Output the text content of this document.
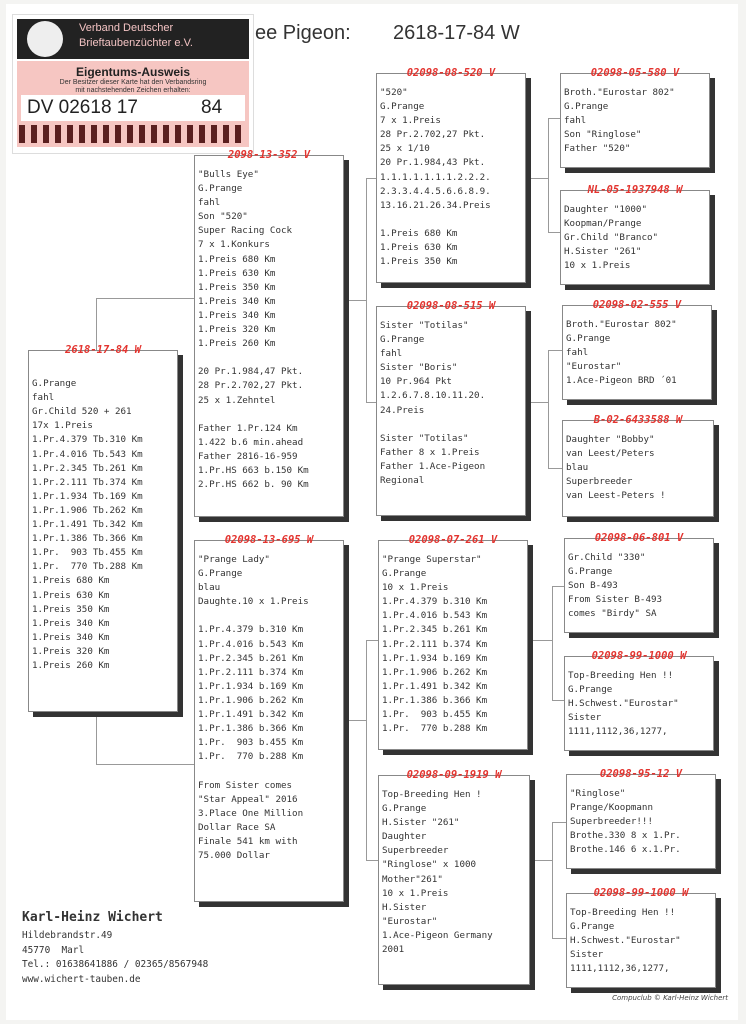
ee Pigeon: 2618-17-84 W
Verband Deutscher
Brieftaubenzüchter e.V.
Eigentums-Ausweis
Der Besitzer dieser Karte hat den Verbandsring
mit nachstehenden Zeichen erhalten:
DV 02618 17	84
2618-17-84 W
G.Prange
fahl
Gr.Child 520 + 261
17x 1.Preis
1.Pr.4.379 Tb.310 Km
1.Pr.4.016 Tb.543 Km
1.Pr.2.345 Tb.261 Km
1.Pr.2.111 Tb.374 Km
1.Pr.1.934 Tb.169 Km
1.Pr.1.906 Tb.262 Km
1.Pr.1.491 Tb.342 Km
1.Pr.1.386 Tb.366 Km
1.Pr.  903 Tb.455 Km
1.Pr.  770 Tb.288 Km
1.Preis 680 Km
1.Preis 630 Km
1.Preis 350 Km
1.Preis 340 Km
1.Preis 340 Km
1.Preis 320 Km
1.Preis 260 Km
2098-13-352 V
"Bulls Eye"
G.Prange
fahl
Son "520"
Super Racing Cock
7 x 1.Konkurs
1.Preis 680 Km
1.Preis 630 Km
1.Preis 350 Km
1.Preis 340 Km
1.Preis 340 Km
1.Preis 320 Km
1.Preis 260 Km
20 Pr.1.984,47 Pkt.
28 Pr.2.702,27 Pkt.
25 x 1.Zehntel
Father 1.Pr.124 Km
1.422 b.6 min.ahead
Father 2816-16-959
1.Pr.HS 663 b.150 Km
2.Pr.HS 662 b. 90 Km
02098-13-695 W
"Prange Lady"
G.Prange
blau
Daughte.10 x 1.Preis
1.Pr.4.379 b.310 Km
1.Pr.4.016 b.543 Km
1.Pr.2.345 b.261 Km
1.Pr.2.111 b.374 Km
1.Pr.1.934 b.169 Km
1.Pr.1.906 b.262 Km
1.Pr.1.491 b.342 Km
1.Pr.1.386 b.366 Km
1.Pr.  903 b.455 Km
1.Pr.  770 b.288 Km
From Sister comes
"Star Appeal" 2016
3.Place One Million
Dollar Race SA
Finale 541 km with
75.000 Dollar
02098-08-520 V
"520"
G.Prange
7 x 1.Preis
28 Pr.2.702,27 Pkt.
25 x 1/10
20 Pr.1.984,43 Pkt.
1.1.1.1.1.1.1.2.2.2.
2.3.3.4.4.5.6.6.8.9.
13.16.21.26.34.Preis
1.Preis 680 Km
1.Preis 630 Km
1.Preis 350 Km
02098-08-515 W
Sister "Totilas"
G.Prange
fahl
Sister "Boris"
10 Pr.964 Pkt
1.2.6.7.8.10.11.20.
24.Preis
Sister "Totilas"
Father 8 x 1.Preis
Father 1.Ace-Pigeon
Regional
02098-07-261 V
"Prange Superstar"
G.Prange
10 x 1.Preis
1.Pr.4.379 b.310 Km
1.Pr.4.016 b.543 Km
1.Pr.2.345 b.261 Km
1.Pr.2.111 b.374 Km
1.Pr.1.934 b.169 Km
1.Pr.1.906 b.262 Km
1.Pr.1.491 b.342 Km
1.Pr.1.386 b.366 Km
1.Pr.  903 b.455 Km
1.Pr.  770 b.288 Km
02098-09-1919 W
Top-Breeding Hen !
G.Prange
H.Sister "261"
Daughter
Superbreeder
"Ringlose" x 1000
Mother"261"
10 x 1.Preis
H.Sister
"Eurostar"
1.Ace-Pigeon Germany
2001
02098-05-580 V
Broth."Eurostar 802"
G.Prange
fahl
Son "Ringlose"
Father "520"
NL-05-1937948 W
Daughter "1000"
Koopman/Prange
Gr.Child "Branco"
H.Sister "261"
10 x 1.Preis
02098-02-555 V
Broth."Eurostar 802"
G.Prange
fahl
"Eurostar"
1.Ace-Pigeon BRD ´01
B-02-6433588 W
Daughter "Bobby"
van Leest/Peters
blau
Superbreeder
van Leest-Peters !
02098-06-801 V
Gr.Child "330"
G.Prange
Son B-493
From Sister B-493
comes "Birdy" SA
02098-99-1000 W
Top-Breeding Hen !!
G.Prange
H.Schwest."Eurostar"
Sister
1111,1112,36,1277,
02098-95-12 V
"Ringlose"
Prange/Koopmann
Superbreeder!!!
Brothe.330 8 x 1.Pr.
Brothe.146 6 x.1.Pr.
02098-99-1000 W
Top-Breeding Hen !!
G.Prange
H.Schwest."Eurostar"
Sister
1111,1112,36,1277,
Karl-Heinz Wichert
Hildebrandstr.49
45770  Marl
Tel.: 01638641886 / 02365/8567948
www.wichert-tauben.de
Compuclub © Karl-Heinz Wichert
